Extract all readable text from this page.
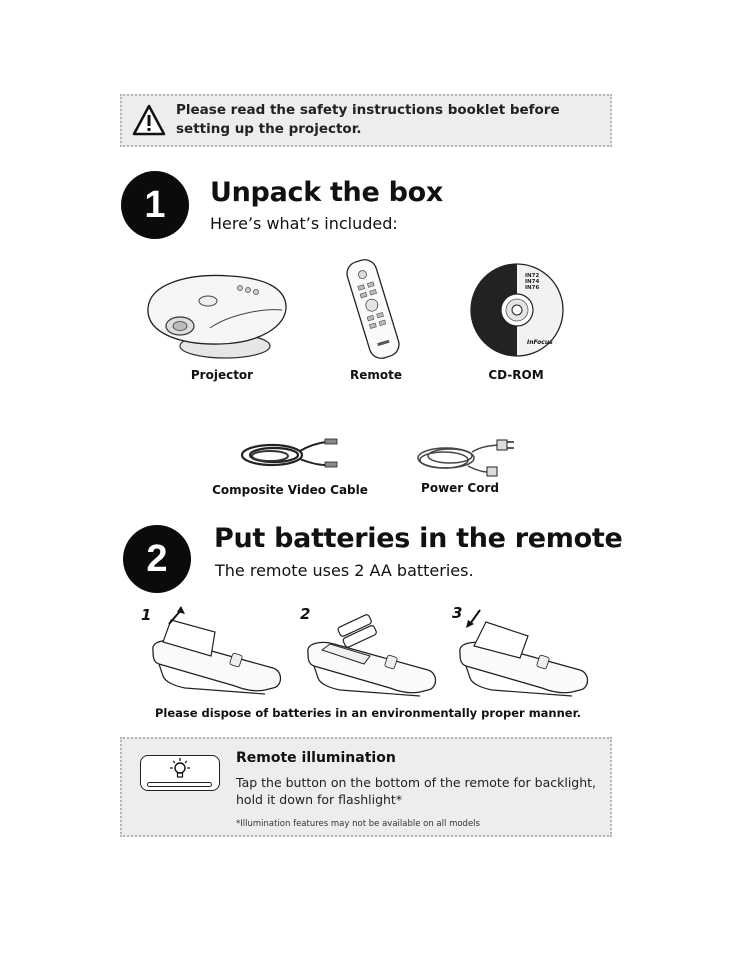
Please read the safety instructions booklet before setting up the projector.
1	Unpack the box
Here’s what’s included:
Projector	Remote
IN72
IN74
IN76
InFocus
CD-ROM
Composite Video Cable	Power Cord
2	Put batteries in the remote
The remote uses 2 AA batteries.
1	2	3
Please dispose of batteries in an environmentally proper manner.
Remote illumination
Tap the button on the bottom of the remote for backlight, hold it down for flashlight*
*Illumination features may not be available on all models
